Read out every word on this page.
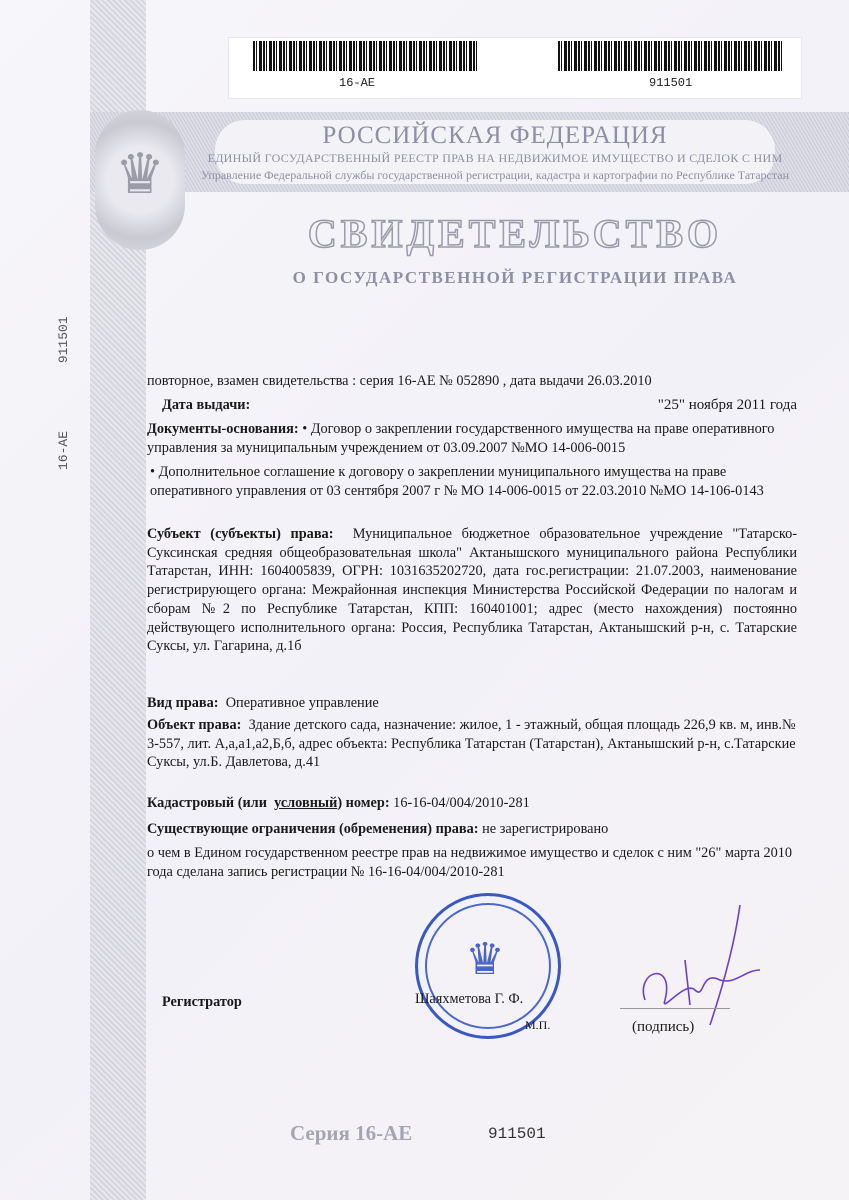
16-АЕ 911501
16-АЕ	911501
♛
РОССИЙСКАЯ ФЕДЕРАЦИЯ
ЕДИНЫЙ ГОСУДАРСТВЕННЫЙ РЕЕСТР ПРАВ НА НЕДВИЖИМОЕ ИМУЩЕСТВО И СДЕЛОК С НИМ
Управление Федеральной службы государственной регистрации, кадастра и картографии по Республике Татарстан
СВИДЕТЕЛЬСТВО
О ГОСУДАРСТВЕННОЙ РЕГИСТРАЦИИ ПРАВА
повторное, взамен свидетельства : серия 16-АЕ № 052890 , дата выдачи 26.03.2010
Дата выдачи:	"25" ноября 2011 года
Документы-основания: • Договор о закреплении государственного имущества на праве оперативного управления за муниципальным учреждением от 03.09.2007 №МО 14-006-0015
• Дополнительное соглашение к договору о закреплении муниципального имущества на праве оперативного управления от 03 сентября 2007 г № МО 14-006-0015 от 22.03.2010 №МО 14-106-0143
Субъект (субъекты) права: Муниципальное бюджетное образовательное учреждение "Татарско-Суксинская средняя общеобразовательная школа" Актанышского муниципального района Республики Татарстан, ИНН: 1604005839, ОГРН: 1031635202720, дата гос.регистрации: 21.07.2003, наименование регистрирующего органа: Межрайонная инспекция Министерства Российской Федерации по налогам и сборам №2 по Республике Татарстан, КПП: 160401001; адрес (место нахождения) постоянно действующего исполнительного органа: Россия, Республика Татарстан, Актанышский р-н, с. Татарские Суксы, ул. Гагарина, д.1б
Вид права: Оперативное управление
Объект права: Здание детского сада, назначение: жилое, 1 - этажный, общая площадь 226,9 кв. м, инв.№ 3-557, лит. А,а,а1,а2,Б,б, адрес объекта: Республика Татарстан (Татарстан), Актанышский р-н, с.Татарские Суксы, ул.Б. Давлетова, д.41
Кадастровый (или условный) номер: 16-16-04/004/2010-281
Существующие ограничения (обременения) права: не зарегистрировано
о чем в Едином государственном реестре прав на недвижимое имущество и сделок с ним "26" марта 2010 года сделана запись регистрации № 16-16-04/004/2010-281
♛
Регистратор	Шаяхметова Г. Ф.
М.П.	(подпись)
Серия 16-АЕ	911501
